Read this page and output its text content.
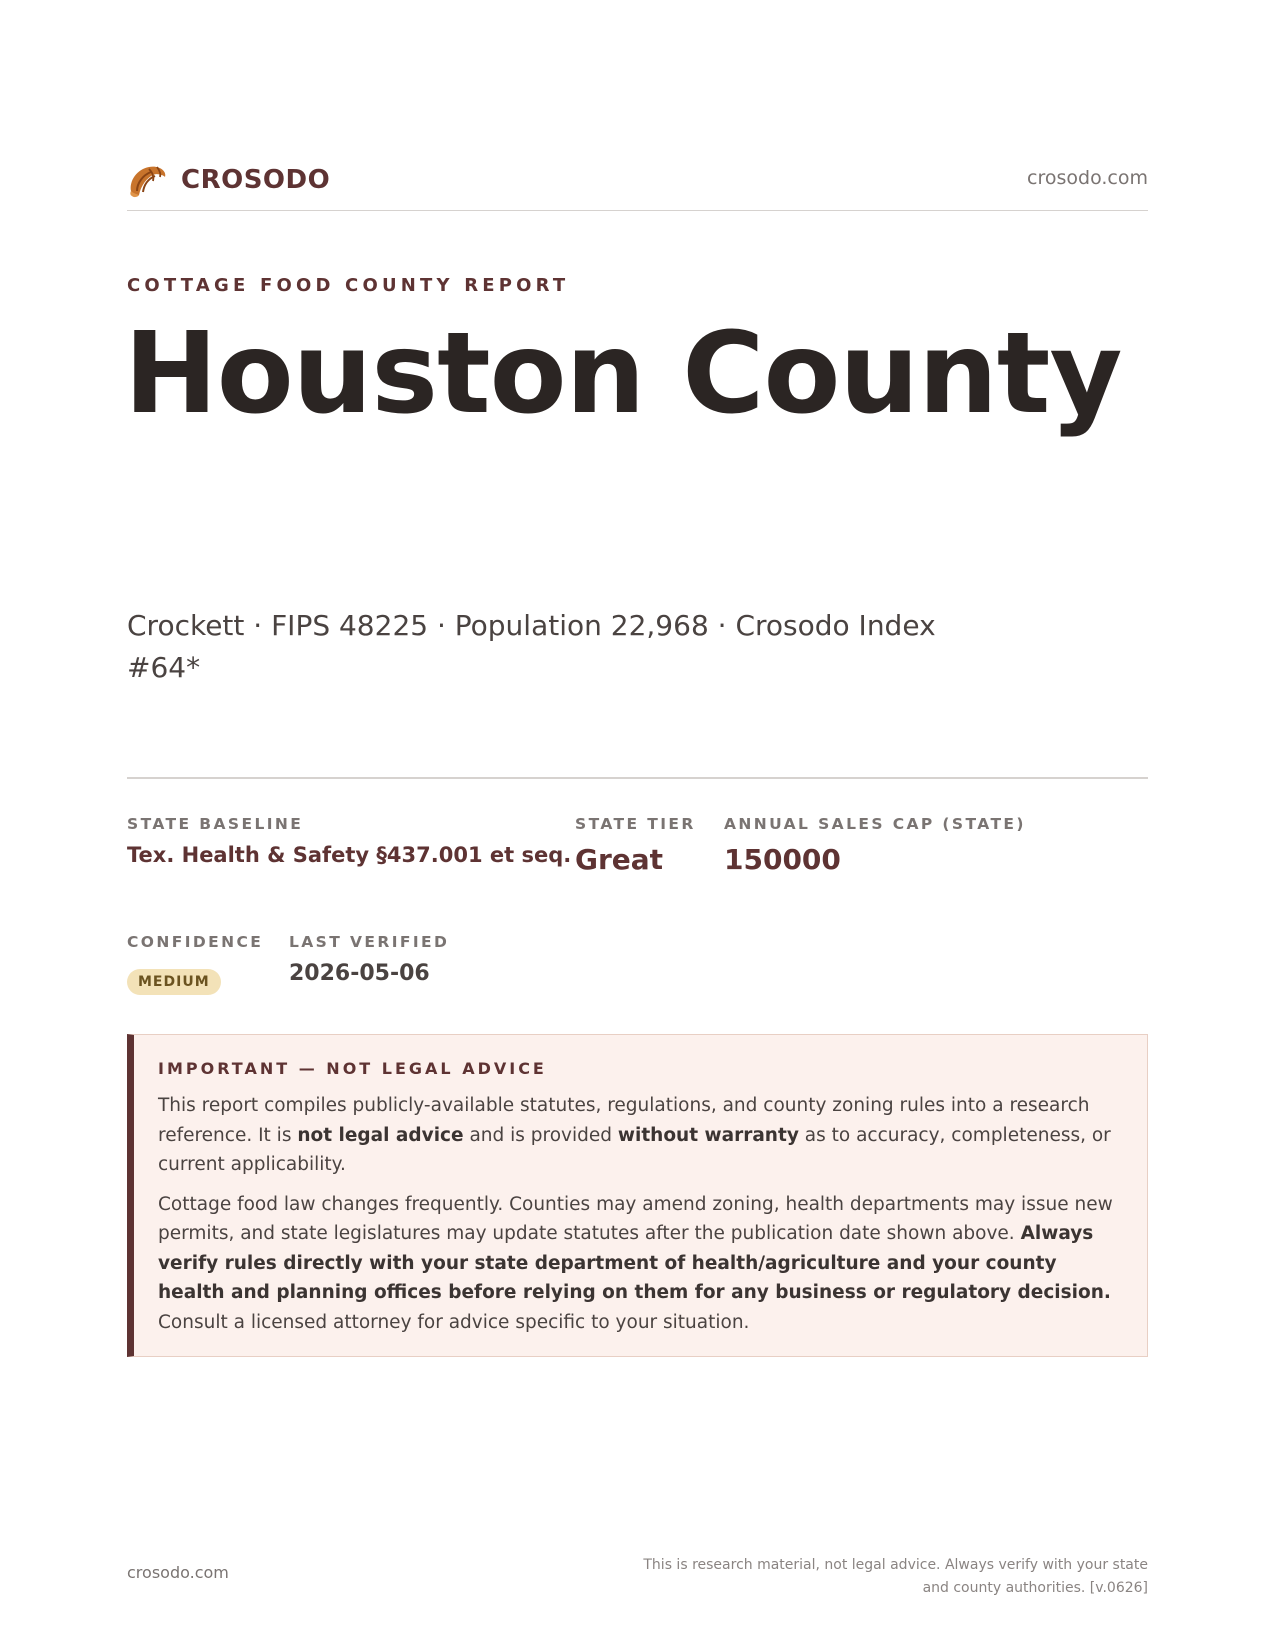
CROSODO	crosodo.com
COTTAGE FOOD COUNTY REPORT
Houston County
Crockett · FIPS 48225 · Population 22,968 · Crosodo Index #64*
STATE BASELINE
Tex. Health & Safety §437.001 et seq.
STATE TIER
Great
ANNUAL SALES CAP (STATE)
150000
CONFIDENCE
MEDIUM
LAST VERIFIED
2026-05-06
IMPORTANT — NOT LEGAL ADVICE

This report compiles publicly-available statutes, regulations, and county zoning rules into a research reference. It is not legal advice and is provided without warranty as to accuracy, completeness, or current applicability.

Cottage food law changes frequently. Counties may amend zoning, health departments may issue new permits, and state legislatures may update statutes after the publication date shown above. Always verify rules directly with your state department of health/agriculture and your county health and planning offices before relying on them for any business or regulatory decision. Consult a licensed attorney for advice specific to your situation.

crosodo.com	This is research material, not legal advice. Always verify with your state and county authorities. [v.0626]
